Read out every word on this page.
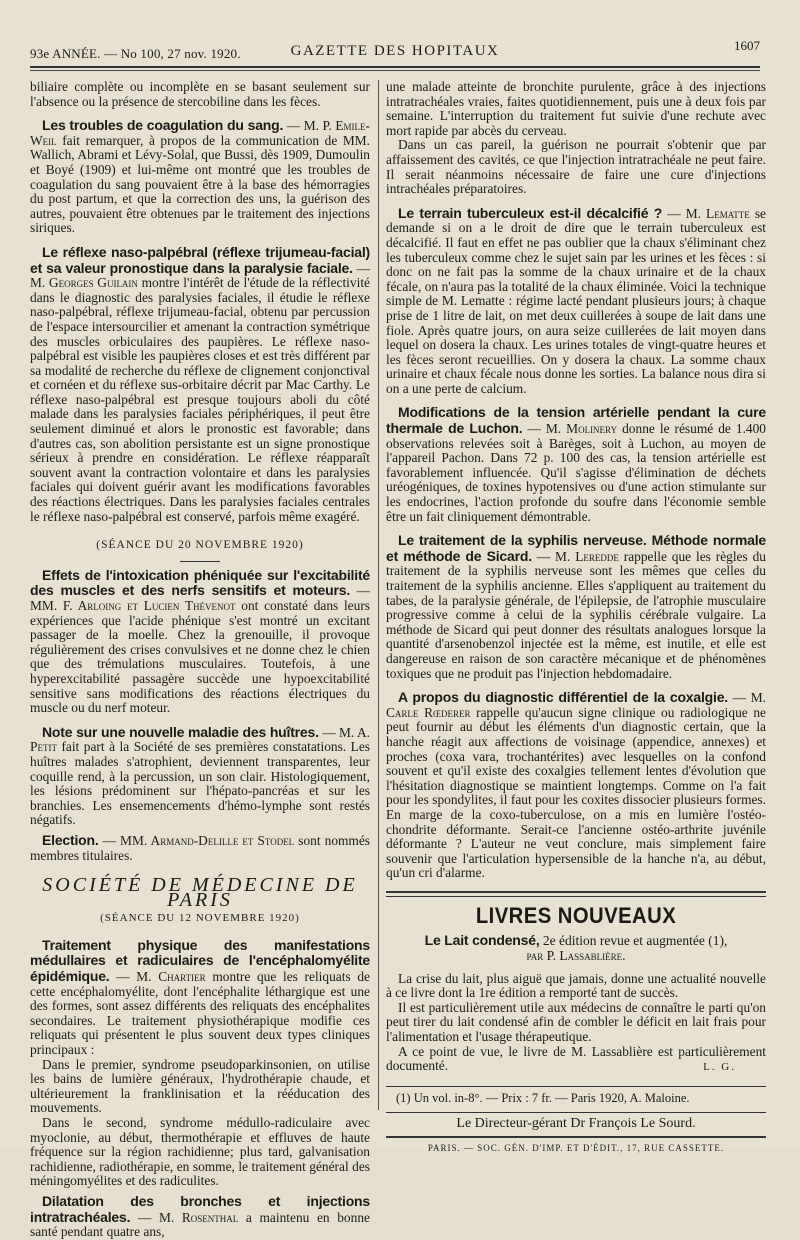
93e ANNÉE. — No 100, 27 nov. 1920.	GAZETTE DES HOPITAUX	1607

biliaire complète ou incomplète en se basant seulement sur l'absence ou la présence de stercobiline dans les fèces.

Les troubles de coagulation du sang. — M. P. Emile-Weil fait remarquer, à propos de la communication de MM. Wallich, Abrami et Lévy-Solal, que Bussi, dès 1909, Dumoulin et Boyé (1909) et lui-même ont montré que les troubles de coagulation du sang pouvaient être à la base des hémorragies du post partum, et que la correction des uns, la guérison des autres, pouvaient être obtenues par le traitement des injections siriques.

Le réflexe naso-palpébral (réflexe trijumeau-facial) et sa valeur pronostique dans la paralysie faciale. — M. Georges Guilain montre l'intérêt de l'étude de la réflectivité dans le diagnostic des paralysies faciales, il étudie le réflexe naso-palpébral, réflexe trijumeau-facial, obtenu par percussion de l'espace intersourcilier et amenant la contraction symétrique des muscles orbiculaires des paupières. Le réflexe naso-palpébral est visible les paupières closes et est très différent par sa modalité de recherche du réflexe de clignement conjonctival et cornéen et du réflexe sus-orbitaire décrit par Mac Carthy. Le réflexe naso-palpébral est presque toujours aboli du côté malade dans les paralysies faciales périphériques, il peut être seulement diminué et alors le pronostic est favorable; dans d'autres cas, son abolition persistante est un signe pronostique sérieux à prendre en considération. Le réflexe réapparaît souvent avant la contraction volontaire et dans les paralysies faciales qui doivent guérir avant les modifications favorables des réactions électriques. Dans les paralysies faciales centrales le réflexe naso-palpébral est conservé, parfois même exagéré.

(SÉANCE DU 20 NOVEMBRE 1920)

Effets de l'intoxication phéniquée sur l'excitabilité des muscles et des nerfs sensitifs et moteurs. — MM. F. Arloing et Lucien Thévenot ont constaté dans leurs expériences que l'acide phénique s'est montré un excitant passager de la moelle. Chez la grenouille, il provoque régulièrement des crises convulsives et ne donne chez le chien que des trémulations musculaires. Toutefois, à une hyperexcitabilité passagère succède une hypoexcitabilité sensitive sans modifications des réactions électriques du muscle ou du nerf moteur.

Note sur une nouvelle maladie des huîtres. — M. A. Petit fait part à la Société de ses premières constatations. Les huîtres malades s'atrophient, deviennent transparentes, leur coquille rend, à la percussion, un son clair. Histologiquement, les lésions prédominent sur l'hépato-pancréas et sur les branchies. Les ensemencements d'hémo-lymphe sont restés négatifs.

Election. — MM. Armand-Delille et Stodel sont nommés membres titulaires.

SOCIÉTÉ DE MÉDECINE DE PARIS
(SÉANCE DU 12 NOVEMBRE 1920)

Traitement physique des manifestations médullaires et radiculaires de l'encéphalomyélite épidémique. — M. Chartier montre que les reliquats de cette encéphalomyélite, dont l'encéphalite léthargique est une des formes, sont assez différents des reliquats des encéphalites secondaires. Le traitement physiothérapique modifie ces reliquats qui présentent le plus souvent deux types cliniques principaux :

Dans le premier, syndrome pseudoparkinsonien, on utilise les bains de lumière généraux, l'hydrothérapie chaude, et ultérieurement la franklinisation et la rééducation des mouvements.

Dans le second, syndrome médullo-radiculaire avec myoclonie, au début, thermothérapie et effluves de haute fréquence sur la région rachidienne; plus tard, galvanisation rachidienne, radiothérapie, en somme, le traitement général des méningomyélites et des radiculites.

Dilatation des bronches et injections intratrachéales. — M. Rosenthal a maintenu en bonne santé pendant quatre ans,

une malade atteinte de bronchite purulente, grâce à des injections intratrachéales vraies, faites quotidiennement, puis une à deux fois par semaine. L'interruption du traitement fut suivie d'une rechute avec mort rapide par abcès du cerveau.

Dans un cas pareil, la guérison ne pourrait s'obtenir que par affaissement des cavités, ce que l'injection intratrachéale ne peut faire. Il serait néanmoins nécessaire de faire une cure d'injections intrachéales préparatoires.

Le terrain tuberculeux est-il décalcifié ? — M. Lematte se demande si on a le droit de dire que le terrain tuberculeux est décalcifié. Il faut en effet ne pas oublier que la chaux s'éliminant chez les tuberculeux comme chez le sujet sain par les urines et les fèces : si donc on ne fait pas la somme de la chaux urinaire et de la chaux fécale, on n'aura pas la totalité de la chaux éliminée. Voici la technique simple de M. Lematte : régime lacté pendant plusieurs jours; à chaque prise de 1 litre de lait, on met deux cuillerées à soupe de lait dans une fiole. Après quatre jours, on aura seize cuillerées de lait moyen dans lequel on dosera la chaux. Les urines totales de vingt-quatre heures et les fèces seront recueillies. On y dosera la chaux. La somme chaux urinaire et chaux fécale nous donne les sorties. La balance nous dira si on a une perte de calcium.

Modifications de la tension artérielle pendant la cure thermale de Luchon. — M. Molinery donne le résumé de 1.400 observations relevées soit à Barèges, soit à Luchon, au moyen de l'appareil Pachon. Dans 72 p. 100 des cas, la tension artérielle est favorablement influencée. Qu'il s'agisse d'élimination de déchets uréogéniques, de toxines hypotensives ou d'une action stimulante sur les endocrines, l'action profonde du soufre dans l'économie semble être un fait cliniquement démontrable.

Le traitement de la syphilis nerveuse. Méthode normale et méthode de Sicard. — M. Leredde rappelle que les règles du traitement de la syphilis nerveuse sont les mêmes que celles du traitement de la syphilis ancienne. Elles s'appliquent au traitement du tabes, de la paralysie générale, de l'épilepsie, de l'atrophie musculaire progressive comme à celui de la syphilis cérébrale vulgaire. La méthode de Sicard qui peut donner des résultats analogues lorsque la quantité d'arsenobenzol injectée est la même, est inutile, et elle est dangereuse en raison de son caractère mécanique et de phénomènes toxiques que ne produit pas l'injection hebdomadaire.

A propos du diagnostic différentiel de la coxalgie. — M. Carle Rœderer rappelle qu'aucun signe clinique ou radiologique ne peut fournir au début les éléments d'un diagnostic certain, que la hanche réagit aux affections de voisinage (appendice, annexes) et proches (coxa vara, trochantérites) avec lesquelles on la confond souvent et qu'il existe des coxalgies tellement lentes d'évolution que l'hésitation diagnostique se maintient longtemps. Comme on l'a fait pour les spondylites, il faut pour les coxites dissocier plusieurs formes. En marge de la coxo-tuberculose, on a mis en lumière l'ostéo-chondrite déformante. Serait-ce l'ancienne ostéo-arthrite juvénile déformante ? L'auteur ne veut conclure, mais simplement faire souvenir que l'articulation hypersensible de la hanche n'a, au début, qu'un cri d'alarme.

LIVRES NOUVEAUX
Le Lait condensé, 2e édition revue et augmentée (1),
par P. Lassablière.

La crise du lait, plus aiguë que jamais, donne une actualité nouvelle à ce livre dont la 1re édition a remporté tant de succès.

Il est particulièrement utile aux médecins de connaître le parti qu'on peut tirer du lait condensé afin de combler le déficit en lait frais pour l'alimentation et l'usage thérapeutique.

A ce point de vue, le livre de M. Lassablière est particulièrement documenté.	L. G.

(1) Un vol. in-8°. — Prix : 7 fr. — Paris 1920, A. Maloine.

Le Directeur-gérant Dr François Le Sourd.
PARIS. — SOC. GÉN. D'IMP. ET D'ÉDIT., 17, RUE CASSETTE.
